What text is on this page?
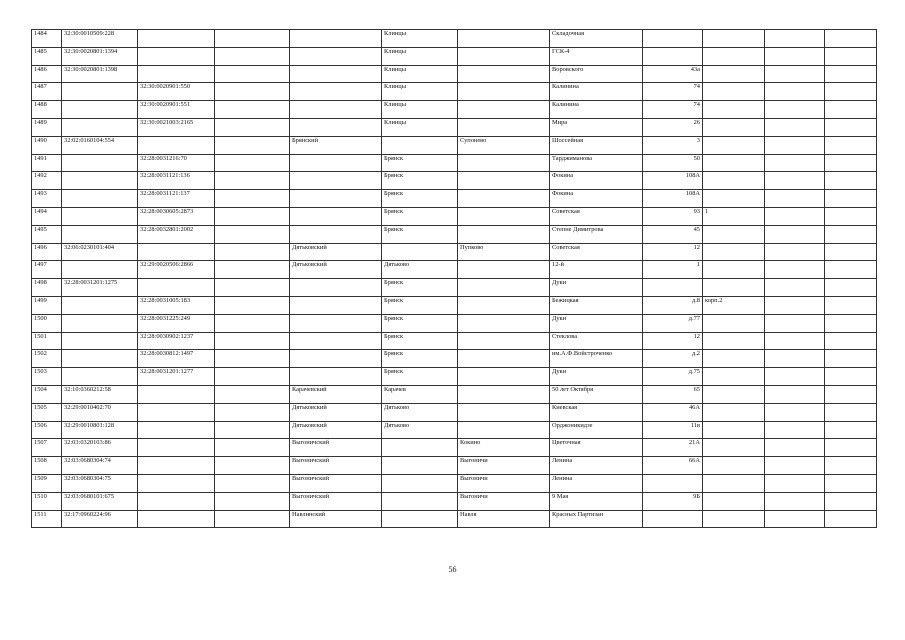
1484	32:30:0010509:228				Клинцы		Складочная				
1485	32:30:0020801:1394				Клинцы		ГСК-4				
1486	32:30:0020801:1398				Клинцы		Воровского	43а			
1487		32:30:0020901:550			Клинцы		Калинина	74			
1488		32:30:0020901:551			Клинцы		Калинина	74			
1489		32:30:0021003:2165			Клинцы		Мира	26			
1490	32:02:0160104:554			Брянский		Супонево	Шоссейная	3			
1491		32:28:0031216:70			Брянск		Тарджиманова	50			
1492		32:28:0031121:136			Брянск		Фокина	108А			
1493		32:28:0031121:137			Брянск		Фокина	108А			
1494		32:28:0030605:2873			Брянск		Советская	93	1		
1495		32:28:0032801:2002			Брянск		Степне Димитрова	45			
1496	32:06:0230101:404			Дятьковский		Пупково	Советская	12			
1497		32:29:0020506:2866		Дятьковский	Дятьково		12-й	1			
1498	32:28:0031201:1275				Брянск		Дуки				
1499		32:28:0031005:183			Брянск		Бежицкая	д.8	корп.2		
1500		32:28:0031225:249			Брянск		Дуки	д.77			
1501		32:28:0030902:1237			Брянск		Стеклова	12			
1502		32:28:0030812:1497			Брянск		им.А.Ф.Войстроченко	д.2			
1503		32:28:0031201:1277			Брянск		Дуки	д.75			
1504	32:10:0360212:58			Карачевский	Карачев		50 лет Октября	65			
1505	32:29:0010402:70			Дятьковский	Дятьково		Киевская	46А			
1506	32:29:0010801:128			Дятьковский	Дятьково		Орджоникидзе	11в			
1507	32:03:0320103:86			Выгоничский		Кокино	Цветочная	21А			
1508	32:03:0680304:74			Выгоничский		Выгоничи	Ленина	66А			
1509	32:03:0680304:75			Выгоничский		Выгоничи	Ленина				
1510	32:03:0680101:675			Выгоничский		Выгоничи	9 Мая	9Б			
1511	32:17:0960224:96			Навлинский		Навля	Красных Партизан				
56
